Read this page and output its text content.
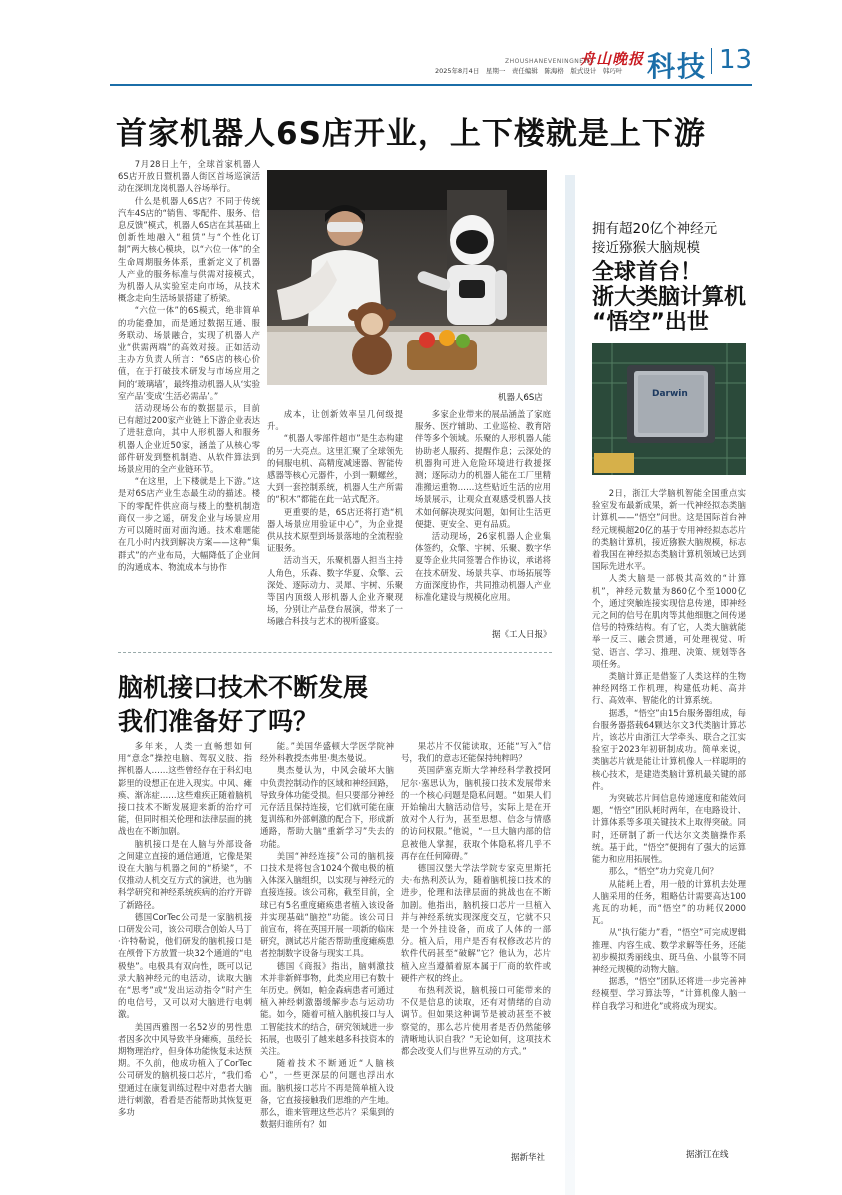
ZHOUSHANEVENINGNEWS
舟山晚报
2025年8月4日　星期一　责任编辑　陈海格　版式设计　韩巧叶 科技 13
首家机器人6S店开业，上下楼就是上下游

7月28日上午，全球首家机器人6S店开放日暨机器人街区首场巡演活动在深圳龙岗机器人谷场举行。

什么是机器人6S店？不同于传统汽车4S店的“销售、零配件、服务、信息反馈”模式，机器人6S店在其基础上创新性地融入“租赁”与“个性化订制”两大核心模块，以“六位一体”的全生命周期服务体系，重新定义了机器人产业的服务标准与供需对接模式，为机器人从实验室走向市场，从技术概念走向生活场景搭建了桥梁。

“六位一体”的6S模式，绝非简单的功能叠加，而是通过数据互通、服务联动、场景融合，实现了机器人产业“供需两端”的高效对接。正如活动主办方负责人所言：“6S店的核心价值，在于打破技术研发与市场应用之间的‘玻璃墙’，最终推动机器人从‘实验室产品’变成‘生活必需品’。”

活动现场公布的数据显示，目前已有超过200家产业链上下游企业表达了进驻意向，其中人形机器人和服务机器人企业近50家，涵盖了从核心零部件研发到整机制造、从软件算法到场景应用的全产业链环节。

“在这里，上下楼就是上下游。”这是对6S店产业生态最生动的描述。楼下的零配件供应商与楼上的整机制造商仅一步之遥，研发企业与场景应用方可以随时面对面沟通。技术难题能在几小时内找到解决方案——这种“集群式”的产业布局，大幅降低了企业间的沟通成本、物流成本与协作

机器人6S店

成本，让创新效率呈几何级提升。

“机器人零部件超市”是生态构建的另一大亮点。这里汇聚了全球领先的伺服电机、高精度减速器、智能传感器等核心元器件，小到一颗螺丝，大到一套控制系统，机器人生产所需的“积木”都能在此一站式配齐。

更重要的是，6S店还将打造“机器人场景应用验证中心”，为企业提供从技术原型到场景落地的全流程验证服务。

活动当天，乐聚机器人担当主持人角色，乐森、数字华夏、众擎、云深处、逐际动力、灵犀、宇树、乐聚等国内顶级人形机器人企业齐聚现场，分别让产品登台展演，带来了一场融合科技与艺术的视听盛宴。

多家企业带来的展品涵盖了家庭服务、医疗辅助、工业巡检、教育陪伴等多个领域。乐聚的人形机器人能协助老人服药、提醒作息；云深处的机器狗可进入危险环境进行救援探测；逐际动力的机器人能在工厂里精准搬运重物……这些贴近生活的应用场景展示，让观众直观感受机器人技术如何解决现实问题，如何让生活更便捷、更安全、更有品质。

活动现场，26家机器人企业集体签约，众擎、宇树、乐聚、数字华夏等企业共同签署合作协议，承诺将在技术研发、场景共享、市场拓展等方面深度协作，共同推动机器人产业标准化建设与规模化应用。

据《工人日报》
脑机接口技术不断发展
我们准备好了吗？

多年来，人类一直畅想如何用“意念”操控电脑、驾驭义肢、指挥机器人……这些曾经存在于科幻电影里的设想正在进入现实。中风、瘫痪、渐冻症……这些难疾正随着脑机接口技术不断发展迎来新的治疗可能，但同时相关伦理和法律层面的挑战也在不断加剧。

脑机接口是在人脑与外部设备之间建立直接的通信通道，它像是架设在大脑与机器之间的“桥梁”，不仅推动人机交互方式的演进，也为脑科学研究和神经系统疾病的治疗开辟了新路径。

德国CorTec公司是一家脑机接口研发公司，该公司联合创始人马丁·许特勒说，他们研发的脑机接口是在颅骨下方放置一块32个通道的“电极垫”。电极具有双向性，既可以记录大脑神经元的电活动，读取大脑在“思考”或“发出运动指令”时产生的电信号，又可以对大脑进行电刺激。

美国西雅图一名52岁的男性患者因多次中风导致半身瘫痪，虽经长期物理治疗，但身体功能恢复未达预期。不久前，他成功植入了CorTec公司研发的脑机接口芯片，“我们希望通过在康复训练过程中对患者大脑进行刺激，看看是否能帮助其恢复更多功

能。”美国华盛顿大学医学院神经外科教授杰弗里·奥杰曼说。

奥杰曼认为，中风会破坏大脑中负责控制动作的区域和神经回路，导致身体功能受损。但只要部分神经元存活且保持连接，它们就可能在康复训练和外部刺激的配合下，形成新通路，帮助大脑“重新学习”失去的功能。

美国“神经连接”公司的脑机接口技术是将包含1024个微电极的植入体深入脑组织，以实现与神经元的直接连接。该公司称，截至目前，全球已有5名重度瘫痪患者植入该设备并实现基础“脑控”功能。该公司日前宣布，将在英国开展一项新的临床研究，测试芯片能否帮助重度瘫痪患者控制数字设备与现实工具。

德国《商报》指出，脑刺激技术并非新鲜事物，此类应用已有数十年历史。例如，帕金森病患者可通过植入神经刺激器缓解步态与运动功能。如今，随着可植入脑机接口与人工智能技术的结合，研究领域进一步拓展，也吸引了越来越多科技资本的关注。

随着技术不断通近“人脑核心”，一些更深层的问题也浮出水面。脑机接口芯片不再是简单植入设备，它直接接触我们思维的产生地。那么，谁来管理这些芯片？采集到的数据归谁所有？如

果芯片不仅能读取，还能“写入”信号，我们的意志还能保持纯粹吗？

英国萨塞克斯大学神经科学教授阿尼尔·塞思认为，脑机接口技术发展带来的一个核心问题是隐私问题。“如果人们开始输出大脑活动信号，实际上是在开放对个人行为，甚至思想、信念与情感的访问权限。”他说，“一旦大脑内部的信息被他人掌握，获取个体隐私将几乎不再存在任何障碍。”

德国汉堡大学法学院专家克里斯托夫·布热利茨认为，随着脑机接口技术的进步，伦理和法律层面的挑战也在不断加剧。他指出，脑机接口芯片一旦植入并与神经系统实现深度交互，它就不只是一个外挂设备，而成了人体的一部分。植入后，用户是否有权修改芯片的软件代码甚至“破解”它？他认为，芯片植入应当遵循着原本属于厂商的软件或硬件产权的终止。

布热利茨说，脑机接口可能带来的不仅是信息的读取，还有对情绪的自动调节。但如果这种调节是被动甚至不被察觉的，那么芯片使用者是否仍然能够清晰地认识自我？“无论如何，这项技术都会改变人们与世界互动的方式。”

据新华社
拥有超20亿个神经元
接近猕猴大脑规模
全球首台！
浙大类脑计算机
“悟空”出世
Darwin

2日，浙江大学脑机智能全国重点实验室发布最新成果，新一代神经拟态类脑计算机——“悟空”问世。这是国际首台神经元规模超20亿的基于专用神经拟态芯片的类脑计算机，接近猕猴大脑规模，标志着我国在神经拟态类脑计算机领域已达到国际先进水平。

人类大脑是一部极其高效的“计算机”，神经元数量为860亿个至1000亿个，通过突触连接实现信息传递，即神经元之间的信号在肌肉等其他细胞之间传递信号的特殊结构。有了它，人类大脑就能举一反三、融会贯通，可处理视觉、听觉、语言、学习、推理、决策、规划等各项任务。

类脑计算正是借鉴了人类这样的生物神经网络工作机理，构建低功耗、高并行、高效率、智能化的计算系统。

据悉，“悟空”由15台服务器组成，每台服务器搭载64颗达尔文3代类脑计算芯片，该芯片由浙江大学牵头、联合之江实验室于2023年初研制成功。简单来说，类脑芯片就是能让计算机像人一样聪明的核心技术，是建造类脑计算机最关键的部件。

为突破芯片间信息传递速度和能效问题，“悟空”团队耗时两年，在电路设计、计算体系等多项关键技术上取得突破。同时，还研制了新一代达尔文类脑操作系统。基于此，“悟空”便拥有了强大的运算能力和应用拓展性。

那么，“悟空”功力究竟几何？

从能耗上看，用一般的计算机去处理人脑采用的任务，粗略估计需要高达100兆瓦的功耗，而“悟空”的功耗仅2000瓦。

从“执行能力”看，“悟空”可完成逻辑推理、内容生成、数学求解等任务，还能初步模拟秀丽线虫、斑马鱼、小鼠等不同神经元规模的动物大脑。

据悉，“悟空”团队还将进一步完善神经模型、学习算法等，“计算机像人脑一样自我学习和进化”或将成为现实。

据浙江在线
